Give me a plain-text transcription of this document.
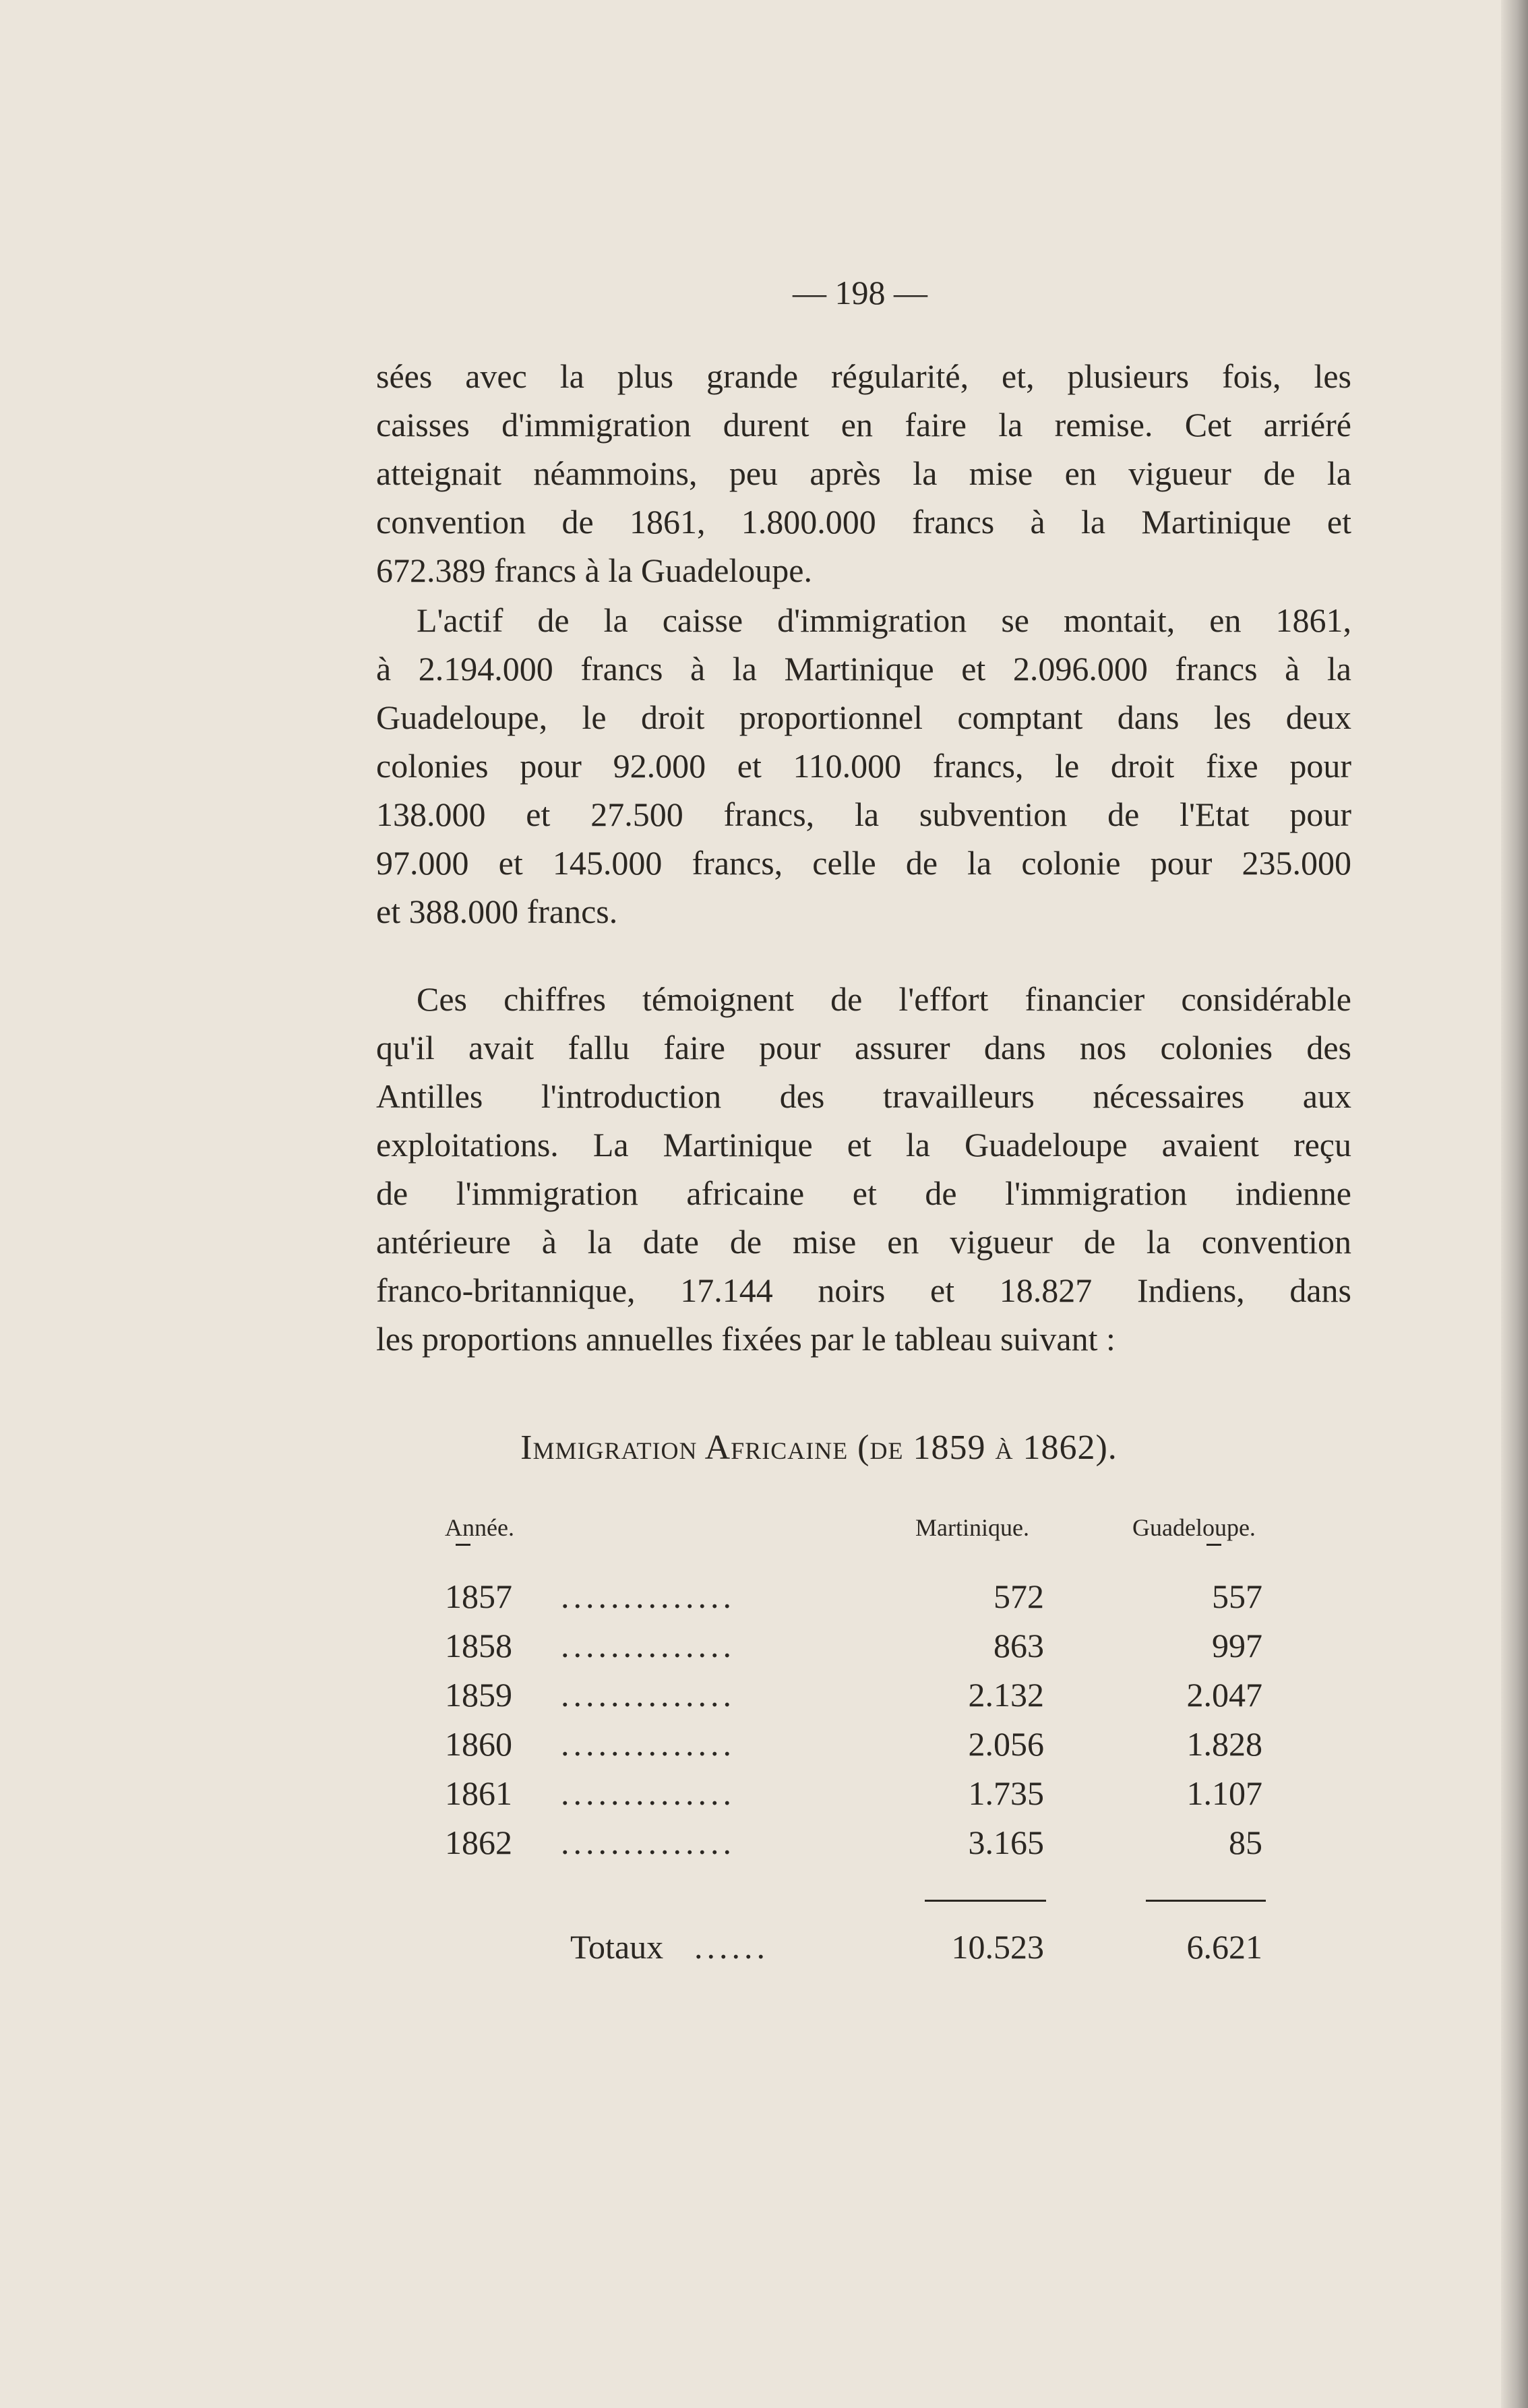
— 198 —
sées avec la plus grande régularité, et, plusieurs fois, les
caisses d'immigration durent en faire la remise. Cet arriéré
atteignait néammoins, peu après la mise en vigueur de la
convention de 1861, 1.800.000 francs à la Martinique et
672.389 francs à la Guadeloupe.
L'actif de la caisse d'immigration se montait, en 1861,
à 2.194.000 francs à la Martinique et 2.096.000 francs à la
Guadeloupe, le droit proportionnel comptant dans les deux
colonies pour 92.000 et 110.000 francs, le droit fixe pour
138.000 et 27.500 francs, la subvention de l'Etat pour
97.000 et 145.000 francs, celle de la colonie pour 235.000
et 388.000 francs.
Ces chiffres témoignent de l'effort financier considérable
qu'il avait fallu faire pour assurer dans nos colonies des
Antilles l'introduction des travailleurs nécessaires aux
exploitations. La Martinique et la Guadeloupe avaient reçu
de l'immigration africaine et de l'immigration indienne
antérieure à la date de mise en vigueur de la convention
franco-britannique, 17.144 noirs et 18.827 Indiens, dans
les proportions annuelles fixées par le tableau suivant :
Immigration Africaine (de 1859 à 1862).
Année.	Martinique.	Guadeloupe.
1857 ..............	572	557
1858 ..............	863	997
1859 ..............	2.132	2.047
1860 ..............	2.056	1.828
1861 ..............	1.735	1.107
1862 ..............	3.165	85
Totaux ......	10.523	6.621
